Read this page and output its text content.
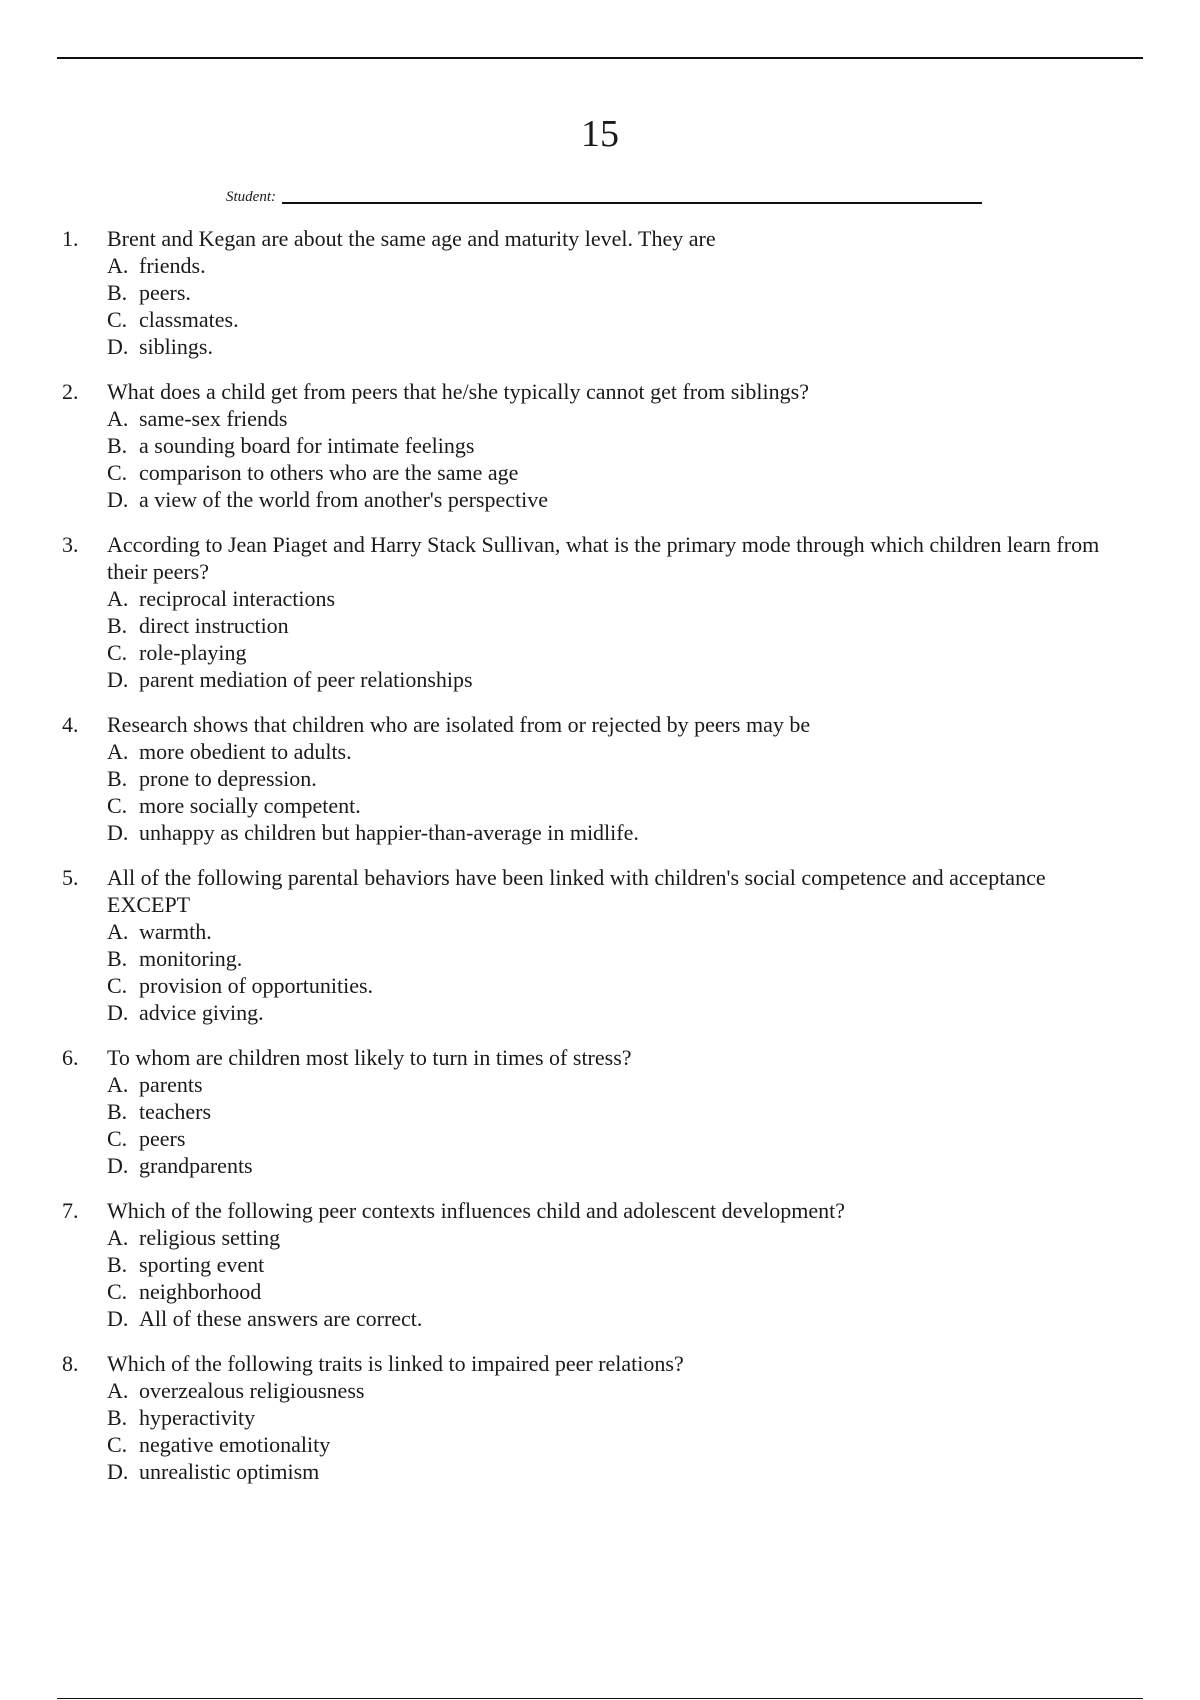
15
Student:
1.	Brent and Kegan are about the same age and maturity level. They are

A. friends.
B. peers.
C. classmates.
D. siblings.
2.	What does a child get from peers that he/she typically cannot get from siblings?

A. same-sex friends
B. a sounding board for intimate feelings
C. comparison to others who are the same age
D. a view of the world from another's perspective
3.	According to Jean Piaget and Harry Stack Sullivan, what is the primary mode through which children learn from their peers?

A. reciprocal interactions
B. direct instruction
C. role-playing
D. parent mediation of peer relationships
4.	Research shows that children who are isolated from or rejected by peers may be

A. more obedient to adults.
B. prone to depression.
C. more socially competent.
D. unhappy as children but happier-than-average in midlife.
5.	All of the following parental behaviors have been linked with children's social competence and acceptance EXCEPT

A. warmth.
B. monitoring.
C. provision of opportunities.
D. advice giving.
6.	To whom are children most likely to turn in times of stress?

A. parents
B. teachers
C. peers
D. grandparents
7.	Which of the following peer contexts influences child and adolescent development?

A. religious setting
B. sporting event
C. neighborhood
D. All of these answers are correct.
8.	Which of the following traits is linked to impaired peer relations?

A. overzealous religiousness
B. hyperactivity
C. negative emotionality
D. unrealistic optimism
